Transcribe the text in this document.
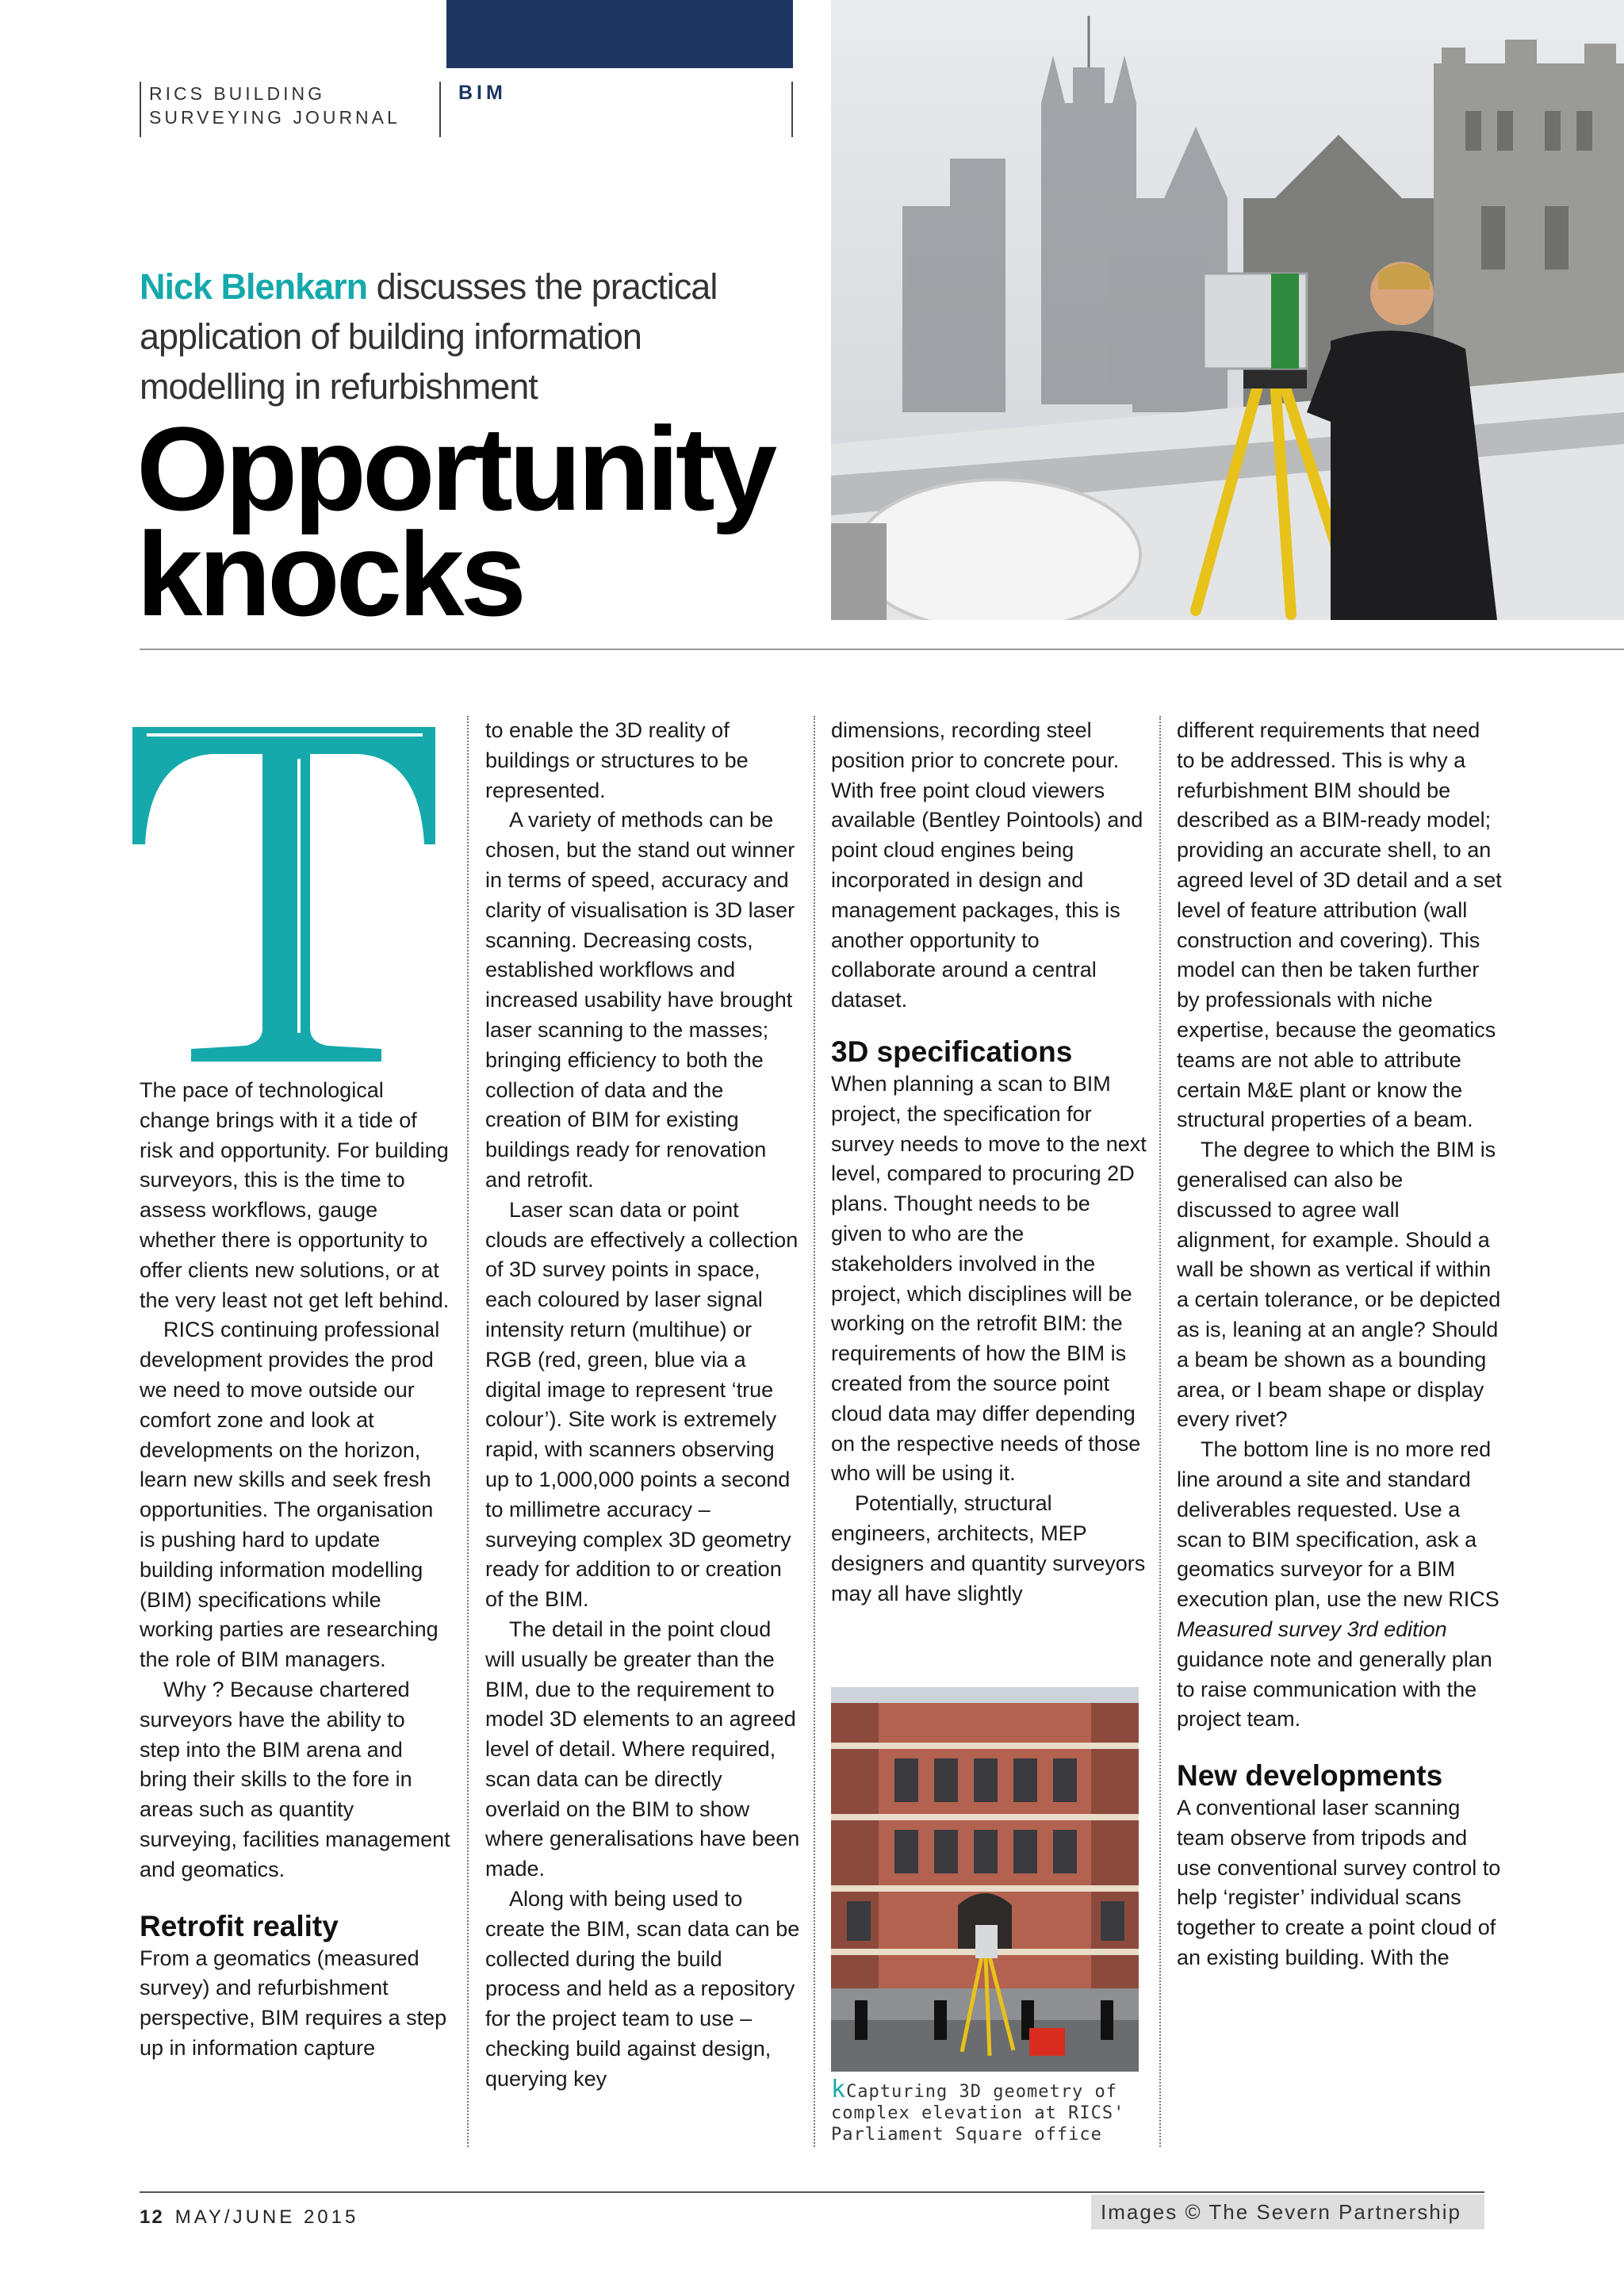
RICS BUILDING
SURVEYING JOURNAL
BIM
Nick Blenkarn discusses the practical application of building information modelling in refurbishment
Opportunity
knocks

The pace of technological change brings with it a tide of risk and opportunity. For building surveyors, this is the time to assess workflows, gauge whether there is opportunity to offer clients new solutions, or at the very least not get left behind.

RICS continuing professional development provides the prod we need to move outside our comfort zone and look at developments on the horizon, learn new skills and seek fresh opportunities. The organisation is pushing hard to update building information modelling (BIM) specifications while working parties are researching the role of BIM managers.

Why ? Because chartered surveyors have the ability to step into the BIM arena and bring their skills to the fore in areas such as quantity surveying, facilities management and geomatics.

Retrofit reality

From a geomatics (measured survey) and refurbishment perspective, BIM requires a step up in information capture

to enable the 3D reality of buildings or structures to be represented.

A variety of methods can be chosen, but the stand out winner in terms of speed, accuracy and clarity of visualisation is 3D laser scanning. Decreasing costs, established workflows and increased usability have brought laser scanning to the masses; bringing efficiency to both the collection of data and the creation of BIM for existing buildings ready for renovation and retrofit.

Laser scan data or point clouds are effectively a collection of 3D survey points in space, each coloured by laser signal intensity return (multihue) or RGB (red, green, blue via a digital image to represent ‘true colour’). Site work is extremely rapid, with scanners observing up to 1,000,000 points a second to millimetre accuracy – surveying complex 3D geometry ready for addition to or creation of the BIM.

The detail in the point cloud will usually be greater than the BIM, due to the requirement to model 3D elements to an agreed level of detail. Where required, scan data can be directly overlaid on the BIM to show where generalisations have been made.

Along with being used to create the BIM, scan data can be collected during the build process and held as a repository for the project team to use – checking build against design, querying key

dimensions, recording steel position prior to concrete pour. With free point cloud viewers available (Bentley Pointools) and point cloud engines being incorporated in design and management packages, this is another opportunity to collaborate around a central dataset.

3D specifications

When planning a scan to BIM project, the specification for survey needs to move to the next level, compared to procuring 2D plans. Thought needs to be given to who are the stakeholders involved in the project, which disciplines will be working on the retrofit BIM: the requirements of how the BIM is created from the source point cloud data may differ depending on the respective needs of those who will be using it.

Potentially, structural engineers, architects, MEP designers and quantity surveyors may all have slightly

kCapturing 3D geometry of complex elevation at RICS' Parliament Square office

different requirements that need to be addressed. This is why a refurbishment BIM should be described as a BIM-ready model; providing an accurate shell, to an agreed level of 3D detail and a set level of feature attribution (wall construction and covering). This model can then be taken further by professionals with niche expertise, because the geomatics teams are not able to attribute certain M&E plant or know the structural properties of a beam.

The degree to which the BIM is generalised can also be discussed to agree wall alignment, for example. Should a wall be shown as vertical if within a certain tolerance, or be depicted as is, leaning at an angle? Should a beam be shown as a bounding area, or I beam shape or display every rivet?

The bottom line is no more red line around a site and standard deliverables requested. Use a scan to BIM specification, ask a geomatics surveyor for a BIM execution plan, use the new RICS Measured survey 3rd edition guidance note and generally plan to raise communication with the project team.

New developments

A conventional laser scanning team observe from tripods and use conventional survey control to help ‘register’ individual scans together to create a point cloud of an existing building. With the

12 MAY/JUNE 2015	Images © The Severn Partnership
